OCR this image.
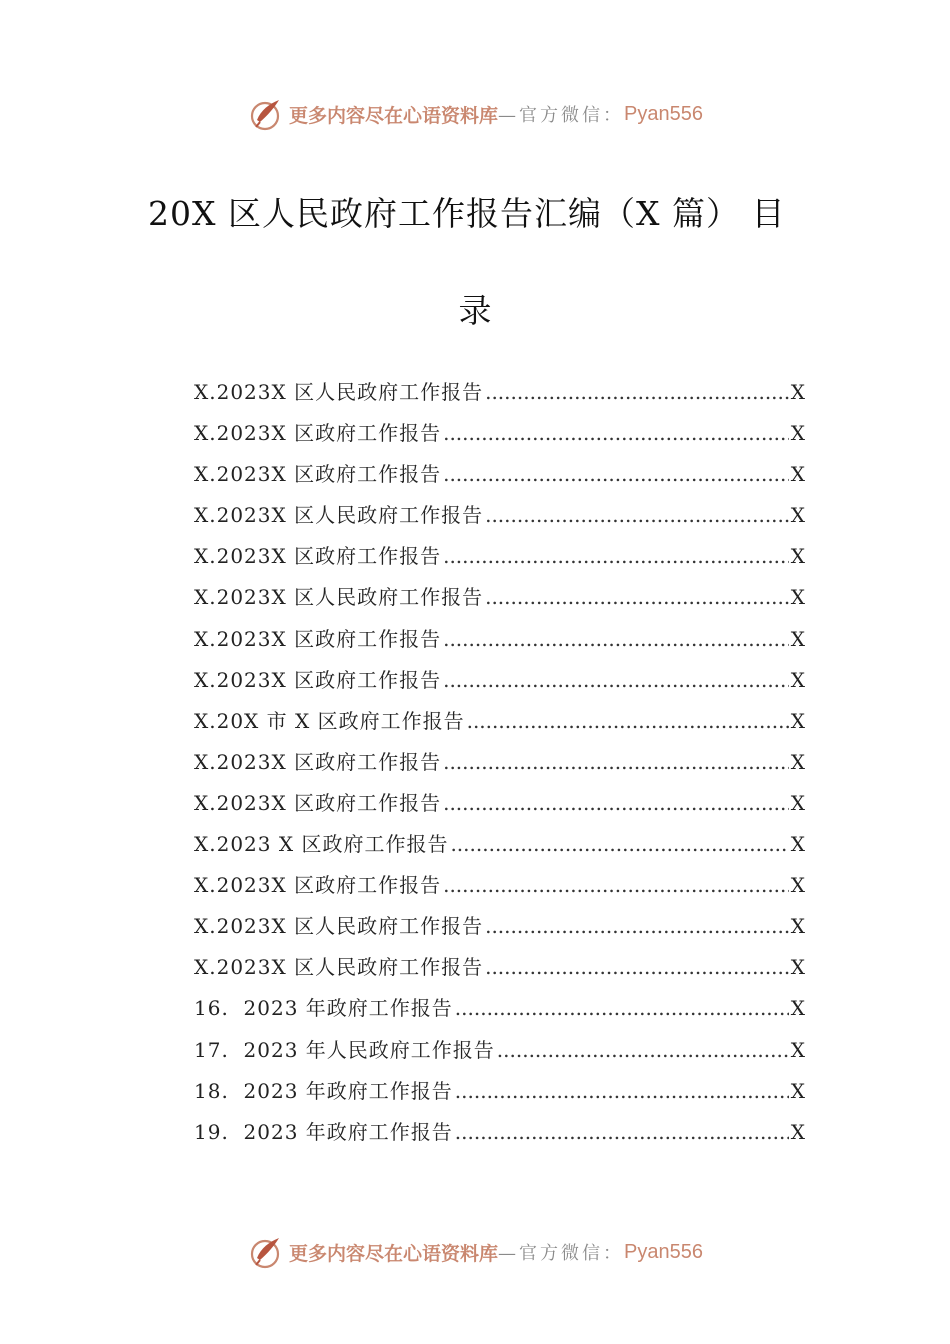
更多内容尽在心语资料库 —官方微信： Pyan556
20X 区人民政府工作报告汇编（X 篇） 目
录
X.2023X 区人民政府工作报告 .....	X
X.2023X 区政府工作报告 .....	X
X.2023X 区政府工作报告 .....	X
X.2023X 区人民政府工作报告 .....	X
X.2023X 区政府工作报告 .....	X
X.2023X 区人民政府工作报告 .....	X
X.2023X 区政府工作报告 .....	X
X.2023X 区政府工作报告 .....	X
X.20X 市 X 区政府工作报告 .....	X
X.2023X 区政府工作报告 .....	X
X.2023X 区政府工作报告 .....	X
X.2023 X 区政府工作报告 .....	X
X.2023X 区政府工作报告 .....	X
X.2023X 区人民政府工作报告 .....	X
X.2023X 区人民政府工作报告 .....	X
16.  2023 年政府工作报告 .....	X
17.  2023 年人民政府工作报告 .....	X
18.  2023 年政府工作报告 .....	X
19.  2023 年政府工作报告 .....	X
更多内容尽在心语资料库 —官方微信： Pyan556
